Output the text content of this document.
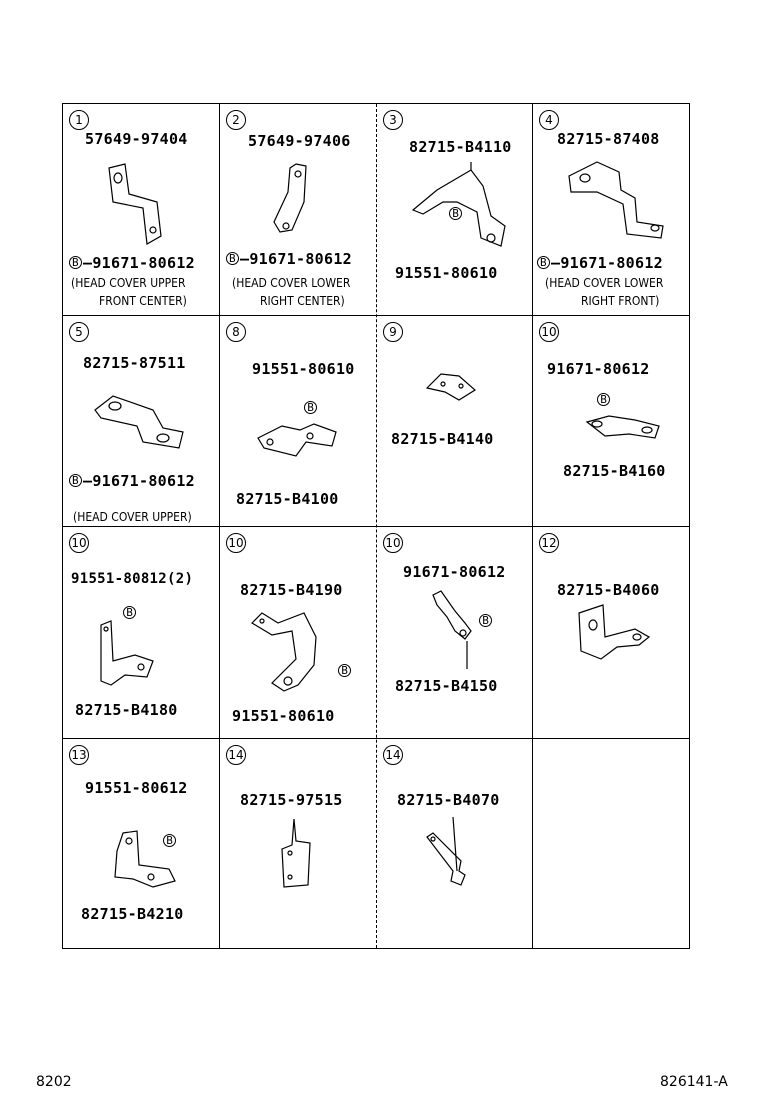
1
57649-97404
B –91671-80612
(HEAD COVER UPPER
FRONT CENTER)
2
57649-97406
B –91671-80612
(HEAD COVER LOWER
RIGHT CENTER)
3
82715-B4110
B
91551-80610
4
82715-87408
B –91671-80612
(HEAD COVER LOWER
RIGHT FRONT)
5
82715-87511
B –91671-80612
(HEAD COVER UPPER)
8
91551-80610
B
82715-B4100
9
82715-B4140
10
91671-80612
B
82715-B4160
10
91551-80812(2)
B
82715-B4180
10
82715-B4190
B
91551-80610
10
91671-80612
B
82715-B4150
12
82715-B4060
13
91551-80612
B
82715-B4210
14
82715-97515
14
82715-B4070
8202	826141-A
